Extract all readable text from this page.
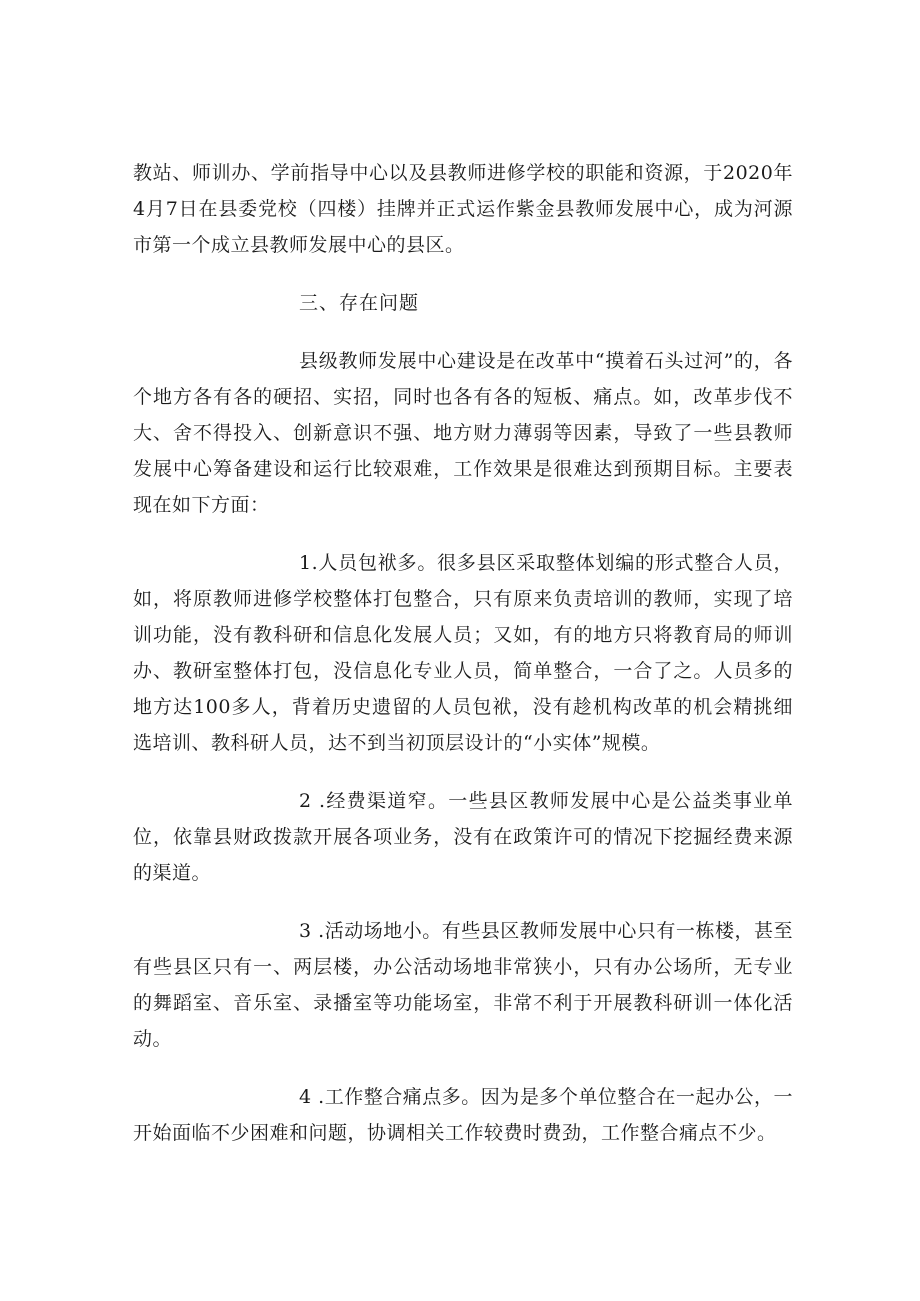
教站、师训办、学前指导中心以及县教师进修学校的职能和资源，于2020年4月7日在县委党校（四楼）挂牌并正式运作紫金县教师发展中心，成为河源市第一个成立县教师发展中心的县区。

三、存在问题

县级教师发展中心建设是在改革中“摸着石头过河”的，各个地方各有各的硬招、实招，同时也各有各的短板、痛点。如，改革步伐不大、舍不得投入、创新意识不强、地方财力薄弱等因素，导致了一些县教师发展中心筹备建设和运行比较艰难，工作效果是很难达到预期目标。主要表现在如下方面：

1.人员包袱多。很多县区采取整体划编的形式整合人员，如，将原教师进修学校整体打包整合，只有原来负责培训的教师，实现了培训功能，没有教科研和信息化发展人员；又如，有的地方只将教育局的师训办、教研室整体打包，没信息化专业人员，简单整合，一合了之。人员多的地方达100多人，背着历史遗留的人员包袱，没有趁机构改革的机会精挑细选培训、教科研人员，达不到当初顶层设计的“小实体”规模。

2 .经费渠道窄。一些县区教师发展中心是公益类事业单位，依靠县财政拨款开展各项业务，没有在政策许可的情况下挖掘经费来源的渠道。

3 .活动场地小。有些县区教师发展中心只有一栋楼，甚至有些县区只有一、两层楼，办公活动场地非常狭小，只有办公场所，无专业的舞蹈室、音乐室、录播室等功能场室，非常不利于开展教科研训一体化活动。

4 .工作整合痛点多。因为是多个单位整合在一起办公，一开始面临不少困难和问题，协调相关工作较费时费劲，工作整合痛点不少。
